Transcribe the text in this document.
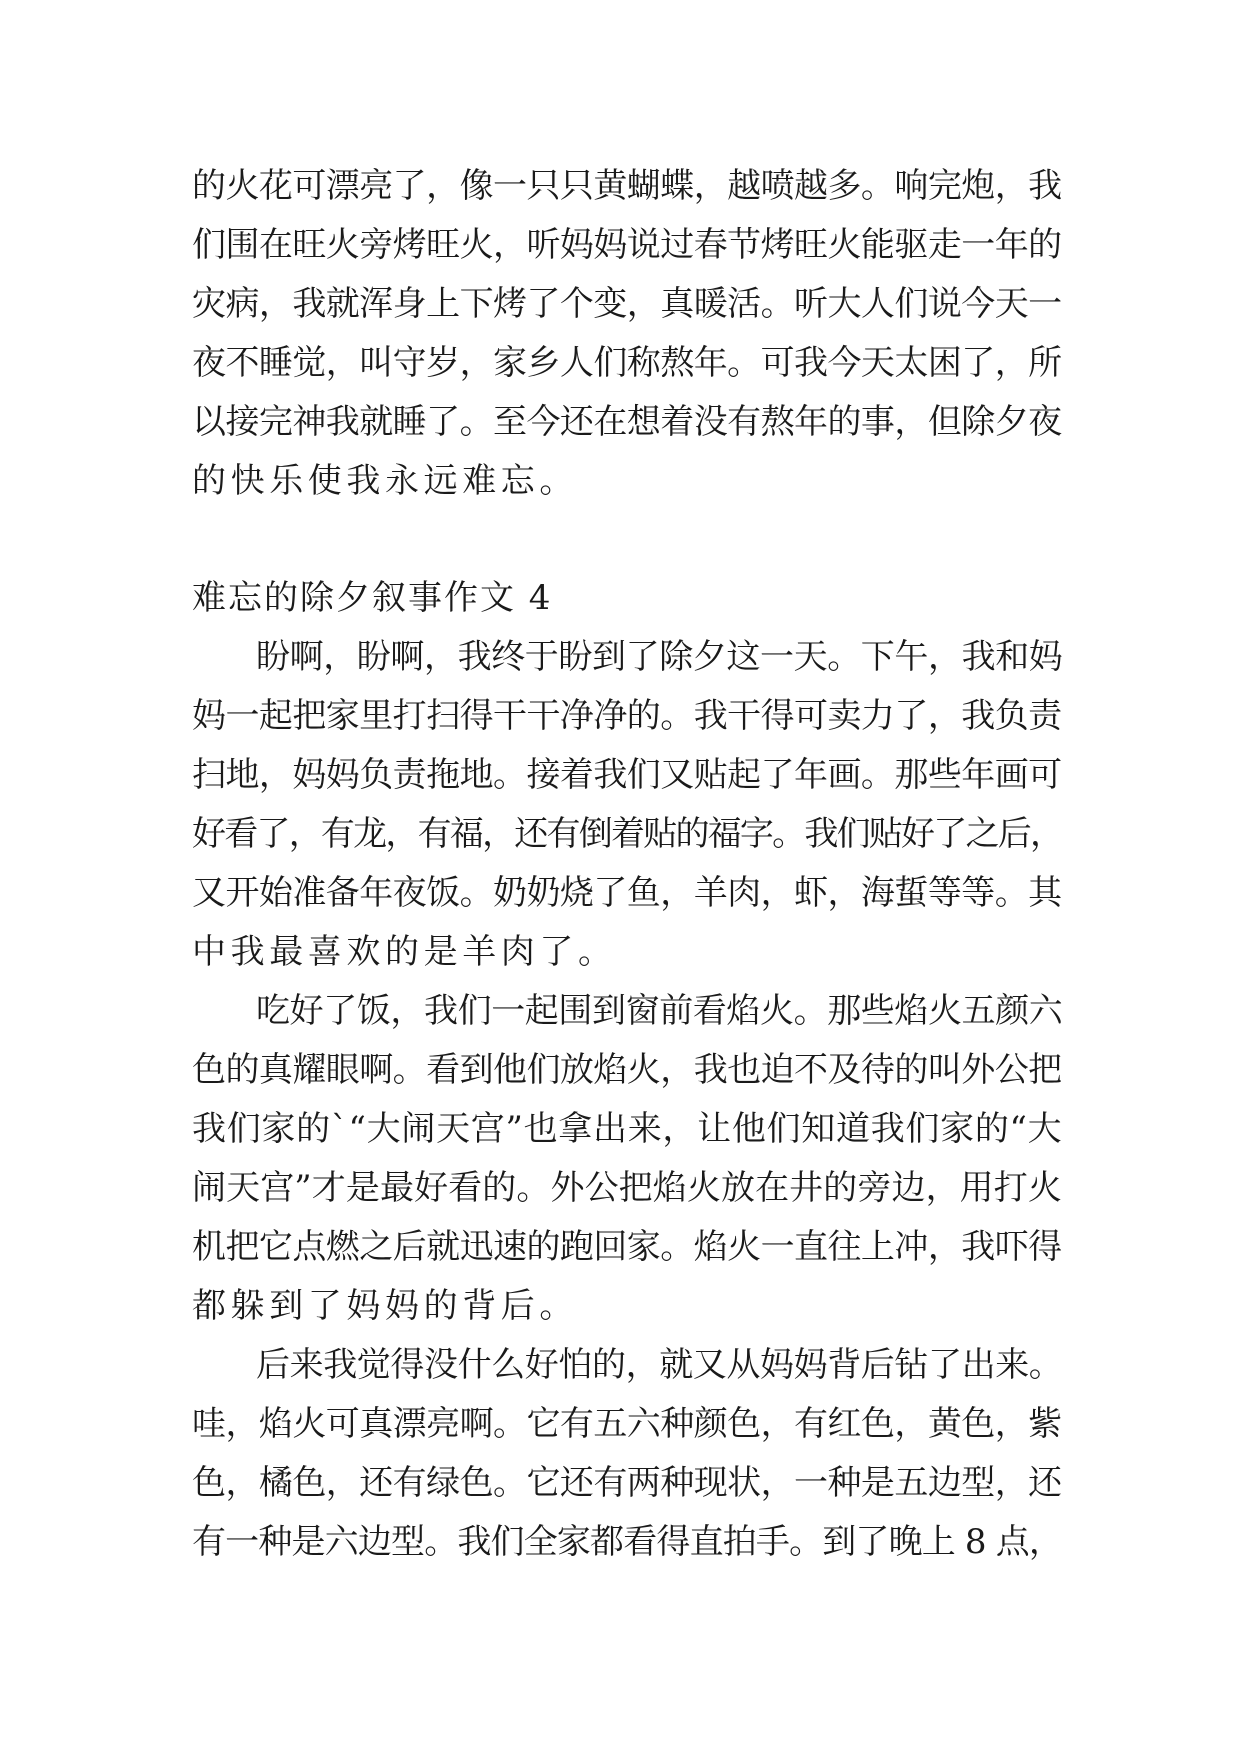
的火花可漂亮了，像一只只黄蝴蝶，越喷越多。响完炮，我
们围在旺火旁烤旺火，听妈妈说过春节烤旺火能驱走一年的
灾病，我就浑身上下烤了个变，真暖活。听大人们说今天一
夜不睡觉，叫守岁，家乡人们称熬年。可我今天太困了，所
以接完神我就睡了。至今还在想着没有熬年的事，但除夕夜
的快乐使我永远难忘。
难忘的除夕叙事作文 4
盼啊，盼啊，我终于盼到了除夕这一天。下午，我和妈
妈一起把家里打扫得干干净净的。我干得可卖力了，我负责
扫地，妈妈负责拖地。接着我们又贴起了年画。那些年画可
好看了，有龙，有福，还有倒着贴的福字。我们贴好了之后，
又开始准备年夜饭。奶奶烧了鱼，羊肉，虾，海蜇等等。其
中我最喜欢的是羊肉了。
吃好了饭，我们一起围到窗前看焰火。那些焰火五颜六
色的真耀眼啊。看到他们放焰火，我也迫不及待的叫外公把
我们家的`“大闹天宫”也拿出来，让他们知道我们家的“大
闹天宫”才是最好看的。外公把焰火放在井的旁边，用打火
机把它点燃之后就迅速的跑回家。焰火一直往上冲，我吓得
都躲到了妈妈的背后。
后来我觉得没什么好怕的，就又从妈妈背后钻了出来。
哇，焰火可真漂亮啊。它有五六种颜色，有红色，黄色，紫
色，橘色，还有绿色。它还有两种现状，一种是五边型，还
有一种是六边型。我们全家都看得直拍手。到了晚上 8 点，
